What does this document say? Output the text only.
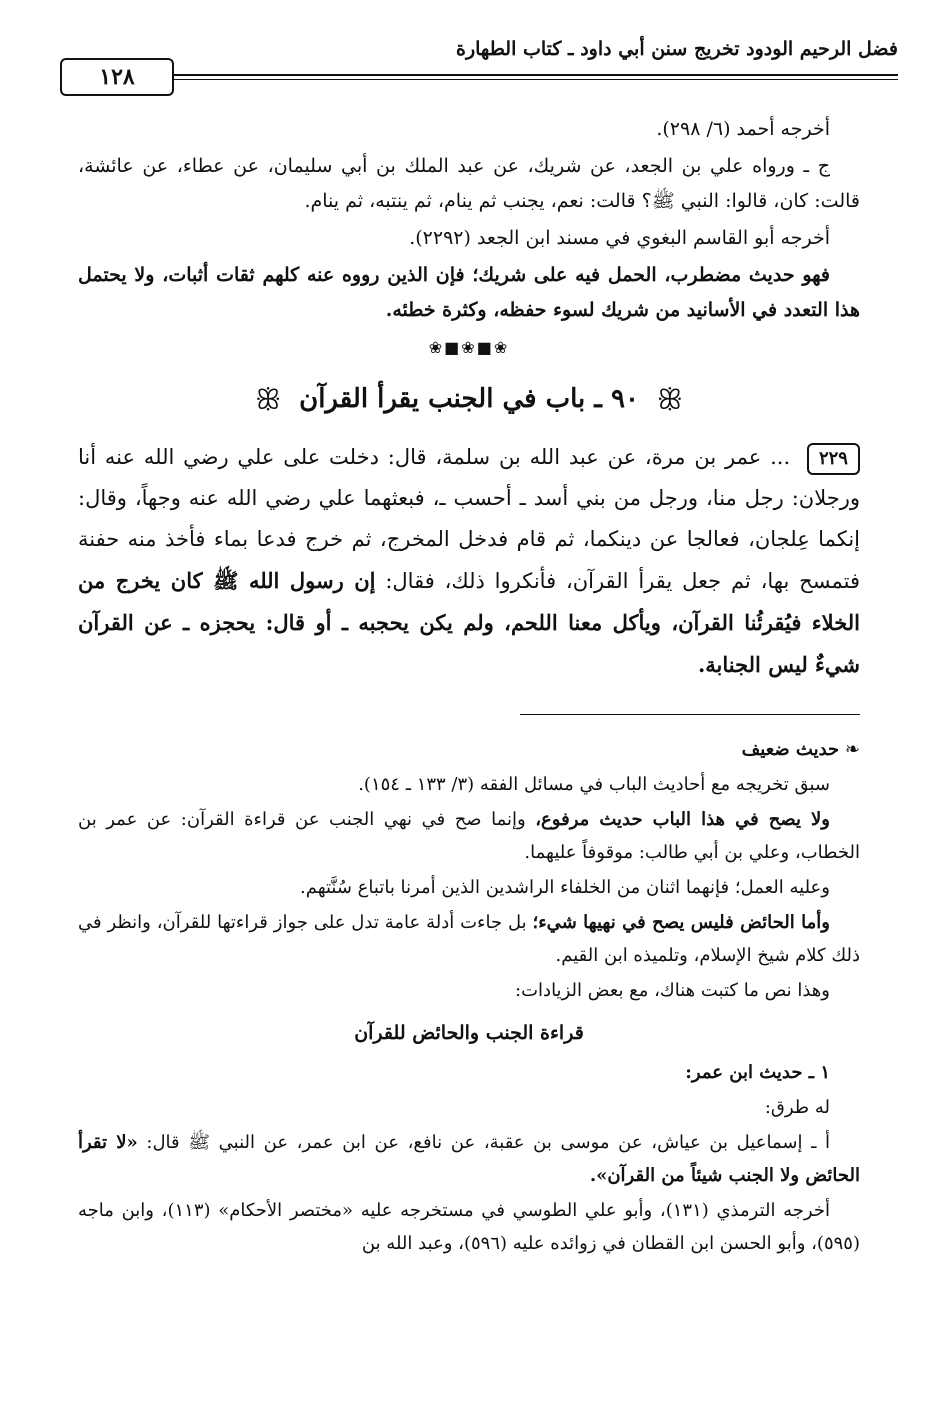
فضل الرحيم الودود تخريج سنن أبي داود ـ كتاب الطهارة
١٢٨

أخرجه أحمد (٦/ ٢٩٨).

ج ـ ورواه علي بن الجعد، عن شريك، عن عبد الملك بن أبي سليمان، عن عطاء، عن عائشة، قالت: كان، قالوا: النبي ﷺ؟ قالت: نعم، يجنب ثم ينام، ثم ينتبه، ثم ينام.

أخرجه أبو القاسم البغوي في مسند ابن الجعد (٢٢٩٢).

فهو حديث مضطرب، الحمل فيه على شريك؛ فإن الذين رووه عنه كلهم ثقات أثبات، ولا يحتمل هذا التعدد في الأسانيد من شريك لسوء حفظه، وكثرة خطئه.

❀■❀■❀
ꕥ
٩٠ ـ باب في الجنب يقرأ القرآن
ꕥ

٢٢٩ ... عمر بن مرة، عن عبد الله بن سلمة، قال: دخلت على علي رضي الله عنه أنا ورجلان: رجل منا، ورجل من بني أسد ـ أحسب ـ، فبعثهما علي رضي الله عنه وجهاً، وقال: إنكما عِلجان، فعالجا عن دينكما، ثم قام فدخل المخرج، ثم خرج فدعا بماء فأخذ منه حفنة فتمسح بها، ثم جعل يقرأ القرآن، فأنكروا ذلك، فقال: إن رسول الله ﷺ كان يخرج من الخلاء فيُقرئُنا القرآن، ويأكل معنا اللحم، ولم يكن يحجبه ـ أو قال: يحجزه ـ عن القرآن شيءٌ ليس الجنابة.

❧ حديث ضعيف

سبق تخريجه مع أحاديث الباب في مسائل الفقه (٣/ ١٣٣ ـ ١٥٤).

ولا يصح في هذا الباب حديث مرفوع، وإنما صح في نهي الجنب عن قراءة القرآن: عن عمر بن الخطاب، وعلي بن أبي طالب: موقوفاً عليهما.

وعليه العمل؛ فإنهما اثنان من الخلفاء الراشدين الذين أمرنا باتباع سُنَّتهم.

وأما الحائض فليس يصح في نهيها شيء؛ بل جاءت أدلة عامة تدل على جواز قراءتها للقرآن، وانظر في ذلك كلام شيخ الإسلام، وتلميذه ابن القيم.

وهذا نص ما كتبت هناك، مع بعض الزيادات:

قراءة الجنب والحائض للقرآن

١ ـ حديث ابن عمر:

له طرق:

أ ـ إسماعيل بن عياش، عن موسى بن عقبة، عن نافع، عن ابن عمر، عن النبي ﷺ قال: «لا تقرأ الحائض ولا الجنب شيئاً من القرآن».

أخرجه الترمذي (١٣١)، وأبو علي الطوسي في مستخرجه عليه «مختصر الأحكام» (١١٣)، وابن ماجه (٥٩٥)، وأبو الحسن ابن القطان في زوائده عليه (٥٩٦)، وعبد الله بن
